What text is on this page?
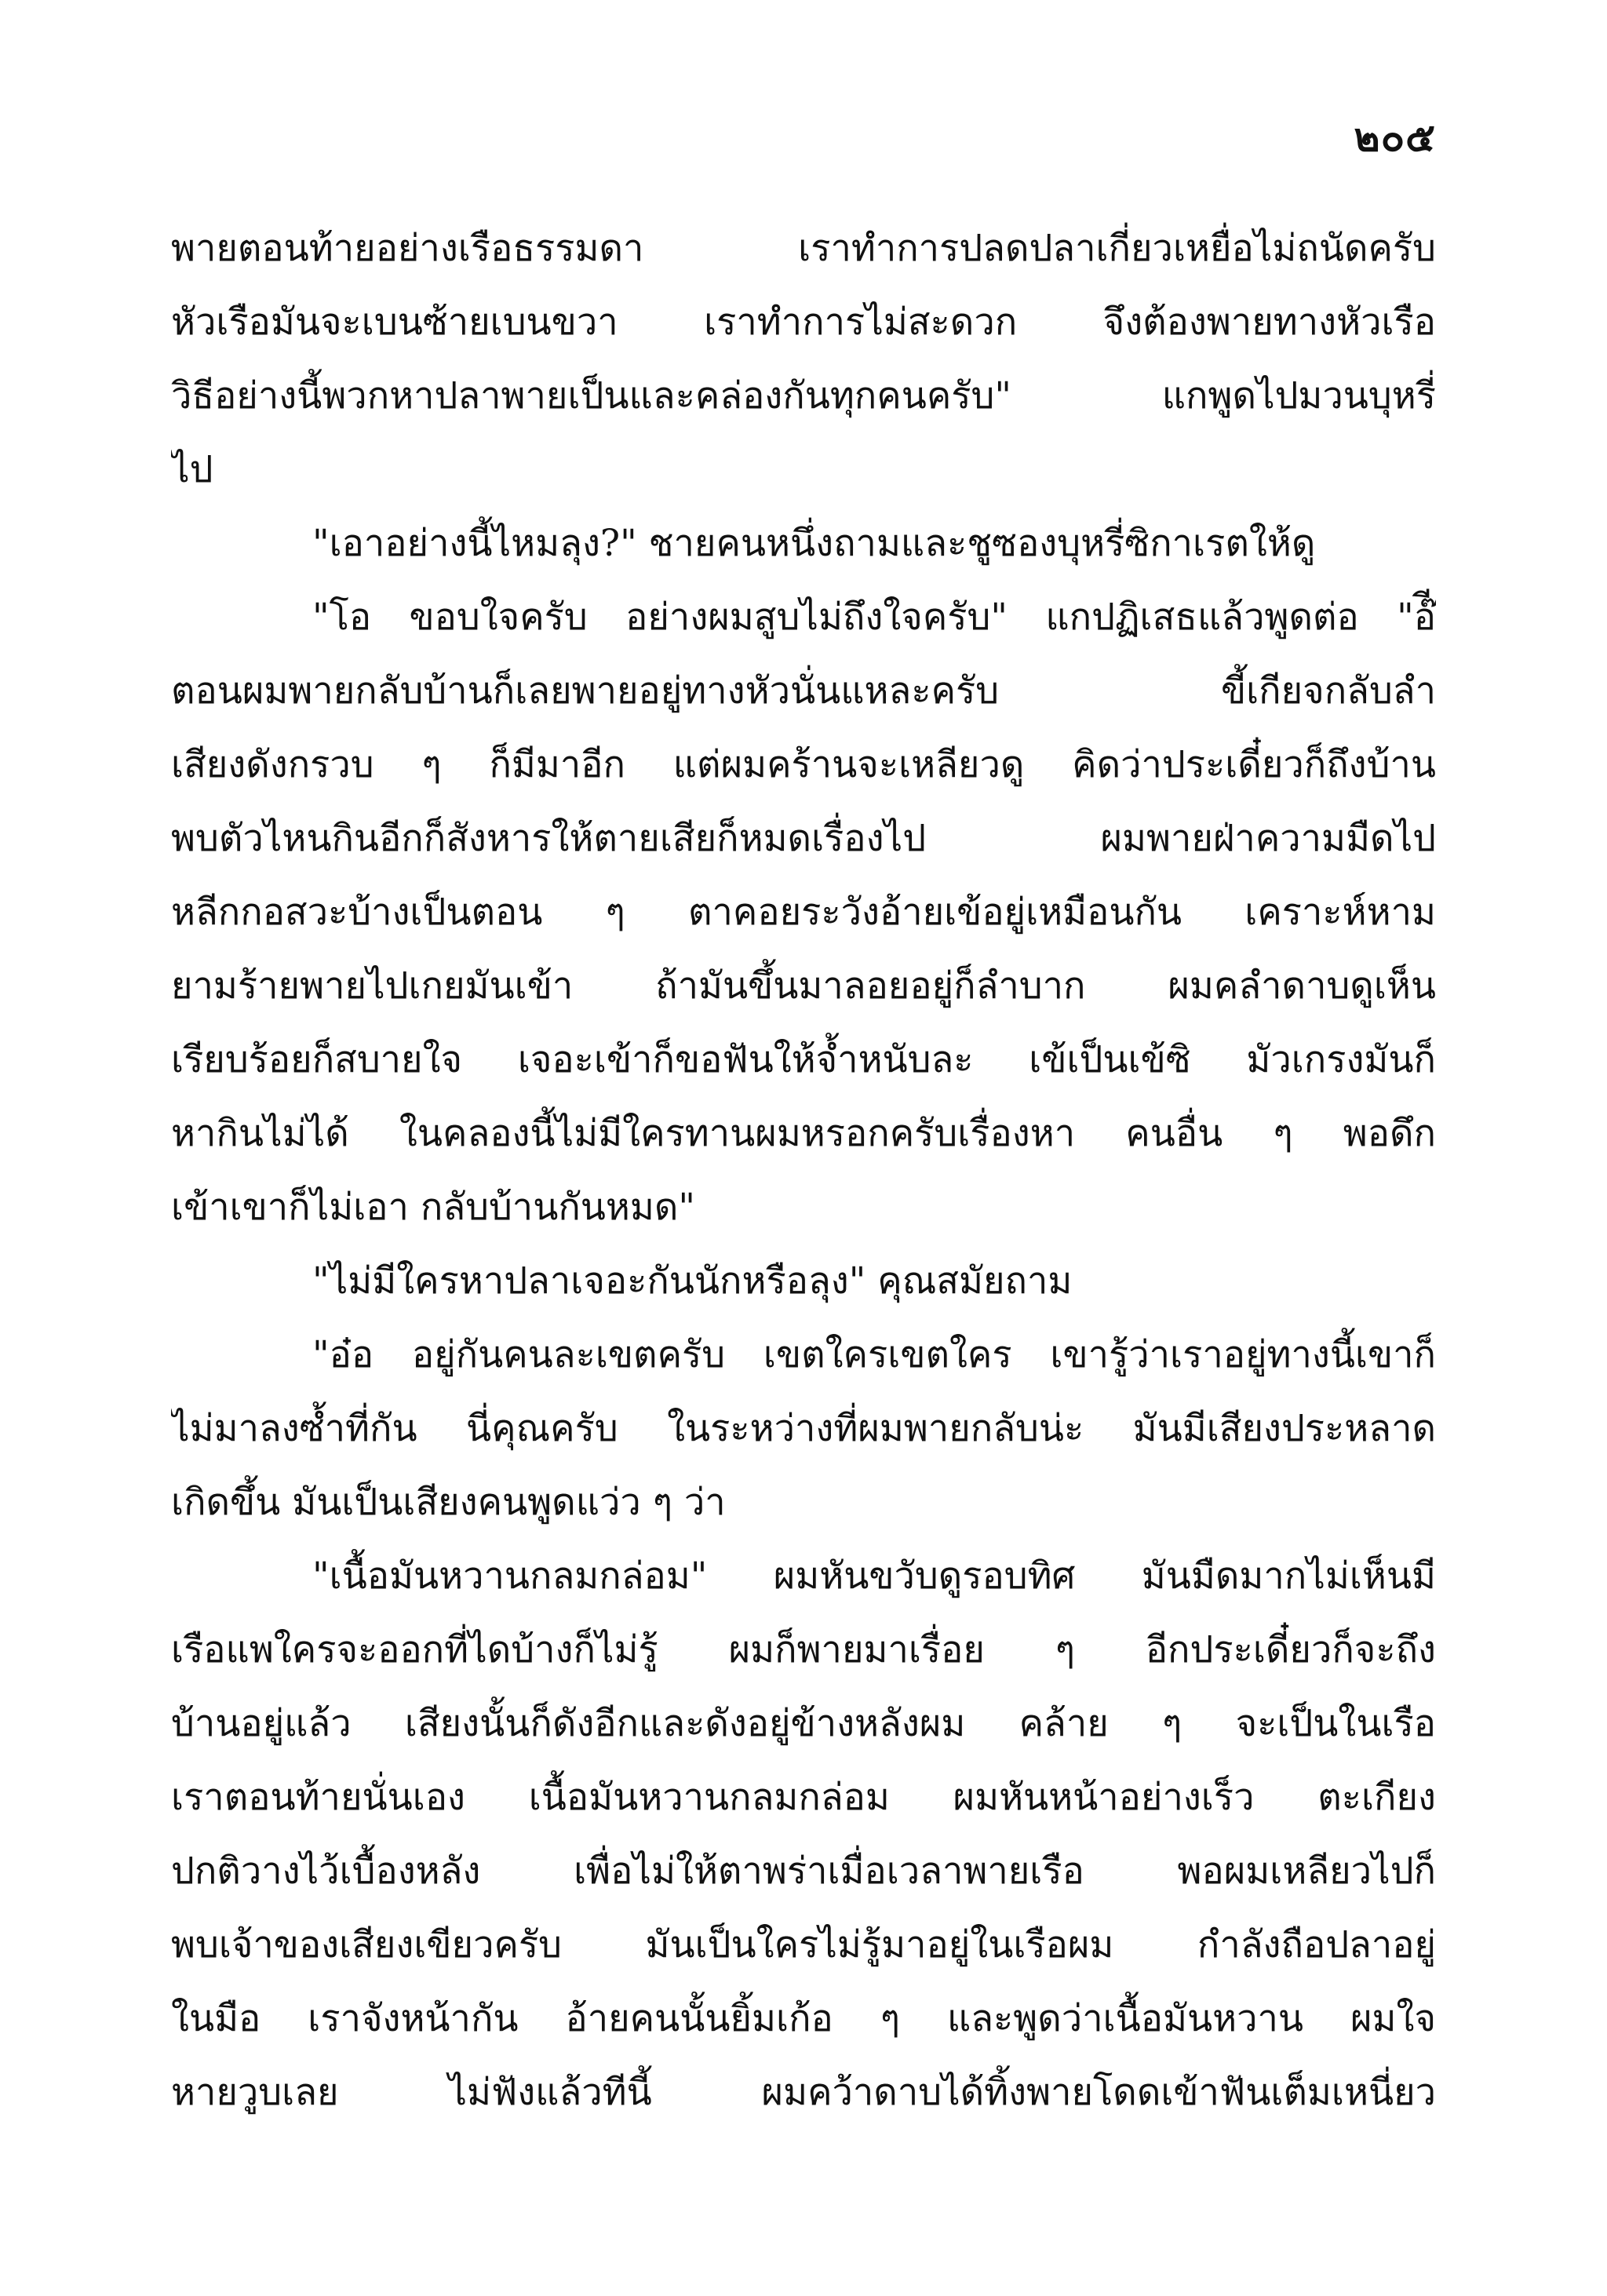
๒๐๕
พายตอนท้ายอย่างเรือธรรมดา เราทำการปลดปลาเกี่ยวเหยื่อไม่ถนัดครับ
หัวเรือมันจะเบนซ้ายเบนขวา เราทำการไม่สะดวก จึงต้องพายทางหัวเรือ
วิธีอย่างนี้พวกหาปลาพายเป็นและคล่องกันทุกคนครับ" แกพูดไปมวนบุหรี่
ไป
"เอาอย่างนี้ไหมลุง?" ชายคนหนึ่งถามและชูซองบุหรี่ซิกาเรตให้ดู
"โอ ขอบใจครับ อย่างผมสูบไม่ถึงใจครับ" แกปฏิเสธแล้วพูดต่อ "อ๊ี
ตอนผมพายกลับบ้านก็เลยพายอยู่ทางหัวนั่นแหละครับ ขี้เกียจกลับลำ
เสียงดังกรวบ ๆ ก็มีมาอีก แต่ผมคร้านจะเหลียวดู คิดว่าประเดี๋ยวก็ถึงบ้าน
พบตัวไหนกินอีกก็สังหารให้ตายเสียก็หมดเรื่องไป ผมพายฝ่าความมืดไป
หลีกกอสวะบ้างเป็นตอน ๆ ตาคอยระวังอ้ายเข้อยู่เหมือนกัน เคราะห์หาม
ยามร้ายพายไปเกยมันเข้า ถ้ามันขึ้นมาลอยอยู่ก็ลำบาก ผมคลำดาบดูเห็น
เรียบร้อยก็สบายใจ เจอะเข้าก็ขอฟันให้จ้ำหนับละ เข้เป็นเข้ซิ มัวเกรงมันก็
หากินไม่ได้ ในคลองนี้ไม่มีใครทานผมหรอกครับเรื่องหา คนอื่น ๆ พอดึก
เข้าเขาก็ไม่เอา กลับบ้านกันหมด"
"ไม่มีใครหาปลาเจอะกันนักหรือลุง" คุณสมัยถาม
"อ๋อ อยู่กันคนละเขตครับ เขตใครเขตใคร เขารู้ว่าเราอยู่ทางนี้เขาก็
ไม่มาลงซ้ำที่กัน นี่คุณครับ ในระหว่างที่ผมพายกลับน่ะ มันมีเสียงประหลาด
เกิดขึ้น มันเป็นเสียงคนพูดแว่ว ๆ ว่า
"เนื้อมันหวานกลมกล่อม" ผมหันขวับดูรอบทิศ มันมืดมากไม่เห็นมี
เรือแพใครจะออกที่ไดบ้างก็ไม่รู้ ผมก็พายมาเรื่อย ๆ อีกประเดี๋ยวก็จะถึง
บ้านอยู่แล้ว เสียงนั้นก็ดังอีกและดังอยู่ข้างหลังผม คล้าย ๆ จะเป็นในเรือ
เราตอนท้ายนั่นเอง เนื้อมันหวานกลมกล่อม ผมหันหน้าอย่างเร็ว ตะเกียง
ปกติวางไว้เบื้องหลัง เพื่อไม่ให้ตาพร่าเมื่อเวลาพายเรือ พอผมเหลียวไปก็
พบเจ้าของเสียงเขียวครับ มันเป็นใครไม่รู้มาอยู่ในเรือผม กำลังถือปลาอยู่
ในมือ เราจังหน้ากัน อ้ายคนนั้นยิ้มเก้อ ๆ และพูดว่าเนื้อมันหวาน ผมใจ
หายวูบเลย ไม่ฟังแล้วทีนี้ ผมคว้าดาบได้ทิ้งพายโดดเข้าฟันเต็มเหนี่ยว
